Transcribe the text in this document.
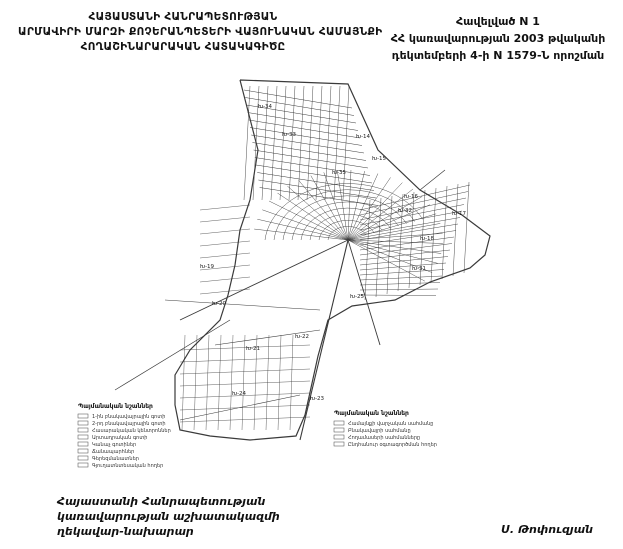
ՀԱՅԱՍՏԱՆԻ ՀԱՆՐԱՊԵՏՈՒԹՅԱՆ
ԱՐՄԱՎԻՐԻ ՄԱՐԶԻ ՔՈՉԵՐԱՆՊԵՏԵՐԻ ՎԱՅՈՒՆԱԿԱՆ ՀԱՄԱՅՆՔԻ
ՀՈՂԱՇԻՆԱՐԱՐԱԿԱՆ ՀԱՏԱԿԱԳԻԾԸ
Հավելված N 1
ՀՀ կառավարության 2003 թվականի
դեկտեմբերի 4-ի N 1579-Ն որոշման
Խ-14
Խ-15
Խ-16
Խ-17
Խ-18
Խ-19
Խ-20
Խ-21
Խ-22
Խ-23
Խ-24
Խ-25
Խ-31
Խ-32
Խ-33
Խ-34
Խ-35
Պայմանական նշաններ
1-ին բնակավայրային գոտի
2-րդ բնակավայրային գոտի
Հասարակական կենտրոններ
Արտադրական գոտի
Կանաչ գոտիներ
Ճանապարհներ
Գերեզմանատներ
Գյուղատնտեսական հողեր
Պայմանական նշաններ
Համայնքի վարչական սահմանը
Բնակավայրի սահմանը
Հողամասերի սահմանները
Ընդհանուր օգտագործման հողեր
Հայաստանի Հանրապետության
կառավարության աշխատակազմի
ղեկավար-նախարար	Ս. Թոփուզյան
